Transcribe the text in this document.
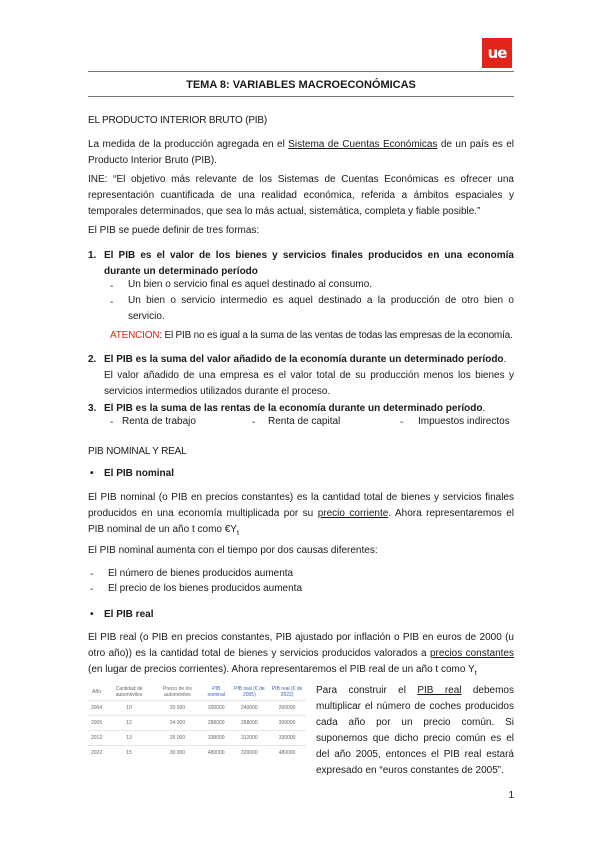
ue
TEMA 8: VARIABLES MACROECONÓMICAS
EL PRODUCTO INTERIOR BRUTO (PIB)
La medida de la producción agregada en el Sistema de Cuentas Económicas de un país es el Producto Interior Bruto (PIB).
INE: “El objetivo más relevante de los Sistemas de Cuentas Económicas es ofrecer una representación cuantificada de una realidad económica, referida a ámbitos espaciales y temporales determinados, que sea lo más actual, sistemática, completa y fiable posible.”
El PIB se puede definir de tres formas:
1. El PIB es el valor de los bienes y servicios finales producidos en una economía durante un determinado período
- Un bien o servicio final es aquel destinado al consumo.
- Un bien o servicio intermedio es aquel destinado a la producción de otro bien o servicio.
ATENCION: El PIB no es igual a la suma de las ventas de todas las empresas de la economía.
2. El PIB es la suma del valor añadido de la economía durante un determinado período.
El valor añadido de una empresa es el valor total de su producción menos los bienes y servicios intermedios utilizados durante el proceso.
3. El PIB es la suma de las rentas de la economía durante un determinado período.
- Renta de trabajo	- Renta de capital	- Impuestos indirectos
PIB NOMINAL Y REAL
• El PIB nominal
El PIB nominal (o PIB en precios constantes) es la cantidad total de bienes y servicios finales producidos en una economía multiplicada por su precio corriente. Ahora representaremos el PIB nominal de un año t como $€Y_t$
El PIB nominal aumenta con el tiempo por dos causas diferentes:
- El número de bienes producidos aumenta
- El precio de los bienes producidos aumenta
• El PIB real
El PIB real (o PIB en precios constantes, PIB ajustado por inflación o PIB en euros de 2000 (u otro año)) es la cantidad total de bienes y servicios producidos valorados a precios constantes (en lugar de precios corrientes). Ahora representaremos el PIB real de un año t como $Y_t$
Año	Cantidad de automóviles	Precio de los automóviles	PIB nominal	PIB real (€ de 2005)	PIB real (€ de 2022)
2004	10	20 000	200000	240000	200000
2005	12	24 000	288000	288000	300000
2012	13	26 000	338000	312000	330000
2022	15	30 000	480000	320000	480000
Para construir el PIB real debemos multiplicar el número de coches producidos cada año por un precio común. Si suponemos que dicho precio común es el del año 2005, entonces el PIB real estará expresado en “euros constantes de 2005”.
1
